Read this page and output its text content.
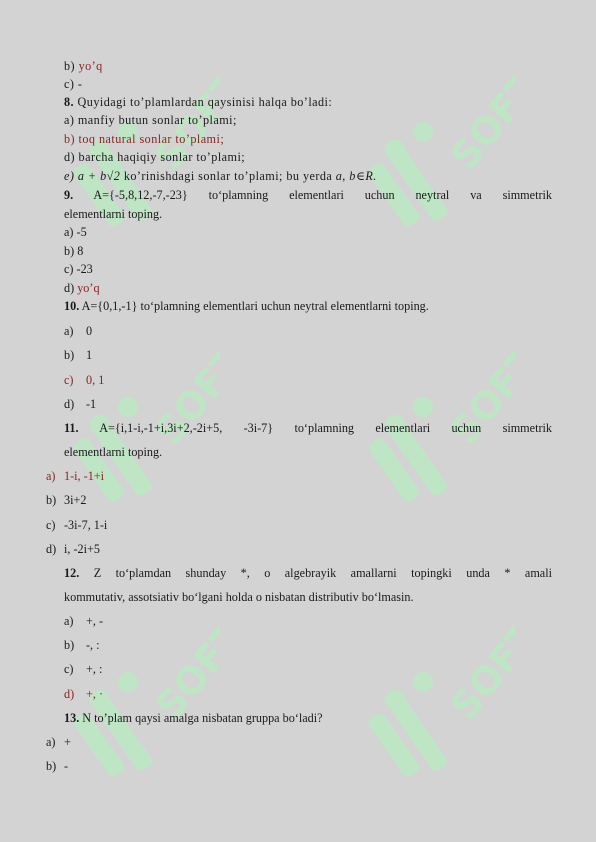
SOFT	SOFT
SOFT	SOFT
SOFT	SOFT
b) yo’q
c) -
8. Quyidagi to’plamlardan qaysinisi halqa bo’ladi:
a) manfiy butun sonlar to’plami;
b) toq natural sonlar to’plami;
d) barcha haqiqiy sonlar to’plami;
e) a + b√2 ko’rinishdagi sonlar to’plami; bu yerda a, b∈R.
9. A={-5,8,12,-7,-23} to‘plamning elementlari uchun neytral va simmetrik
elementlarni toping.
a) -5
b) 8
c) -23
d) yo’q
10. A={0,1,-1} to‘plamning elementlari uchun neytral elementlarni toping.
a) 0
b) 1
c) 0, 1
d) -1
11. A={i,1-i,-1+i,3i+2,-2i+5, -3i-7} to‘plamning elementlari uchun simmetrik
elementlarni toping.
a) 1-i, -1+i
b) 3i+2
c) -3i-7, 1-i
d) i, -2i+5
12. Z to‘plamdan shunday *, o algebrayik amallarni topingki unda * amali
kommutativ, assotsiativ bo‘lgani holda o nisbatan distributiv bo‘lmasin.
a) +, -
b) -, :
c) +, :
d) +, ·
13. N to’plam qaysi amalga nisbatan gruppa bo‘ladi?
a) +
b) -
